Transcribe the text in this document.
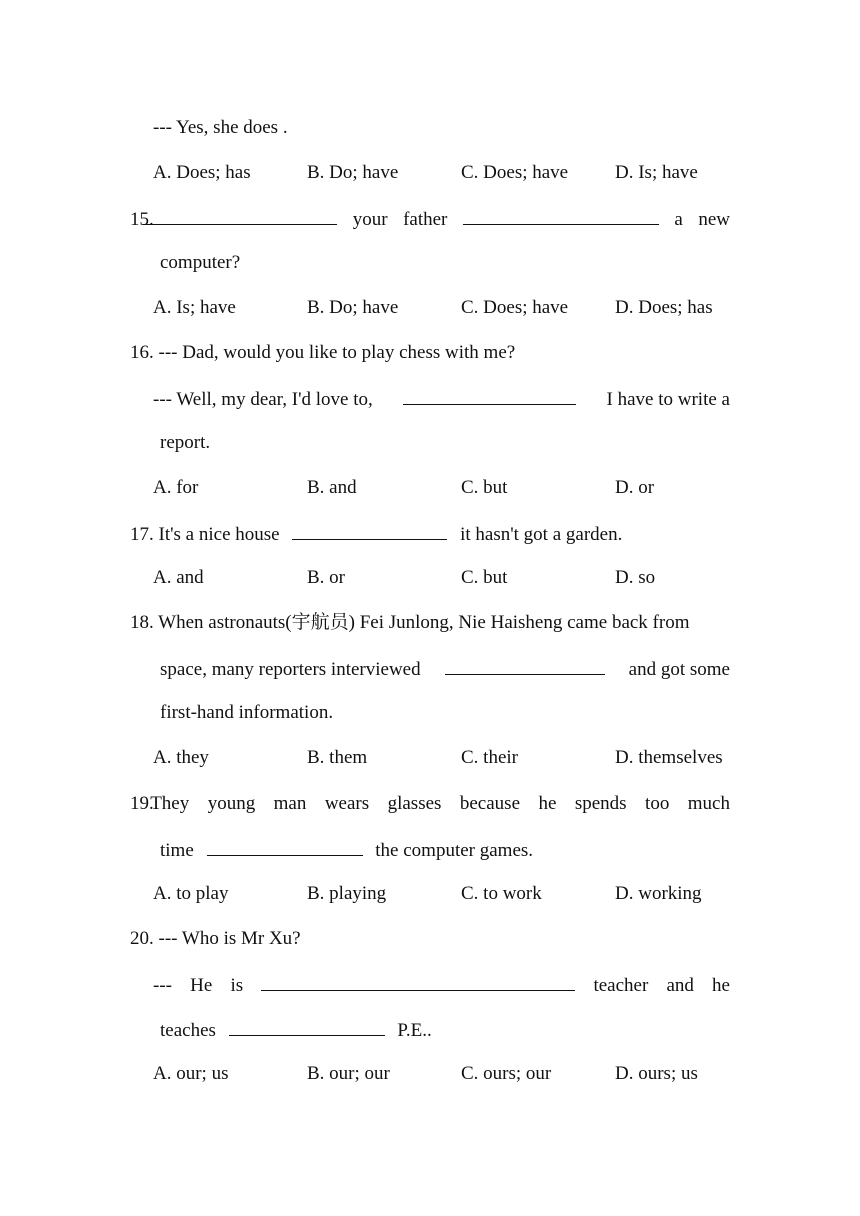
--- Yes, she does .
A. Does; has	B. Do; have	C. Does; have D. Is; have
15.	your father	a new
computer?
A. Is; have	B. Do; have	C. Does; have D. Does; has
16. --- Dad, would you like to play chess with me?
--- Well, my dear, I'd love to,	I have to write a
report.
A. for	B. and	C. but	D. or
17. It's a nice house	it hasn't got a garden.
A. and	B. or	C. but	D. so
18. When astronauts(宇航员) Fei Junlong, Nie Haisheng came back from
space, many reporters interviewed	and got some
first-hand information.
A. they	B. them	C. their	D. themselves
19.
They young man wears glasses because he spends too much
time	the computer games.
A. to play	B. playing	C. to work	D. working
20. --- Who is Mr Xu?
--- He is	teacher and he
teaches	P.E..
A. our; us	B. our; our	C. ours; our	D. ours; us
